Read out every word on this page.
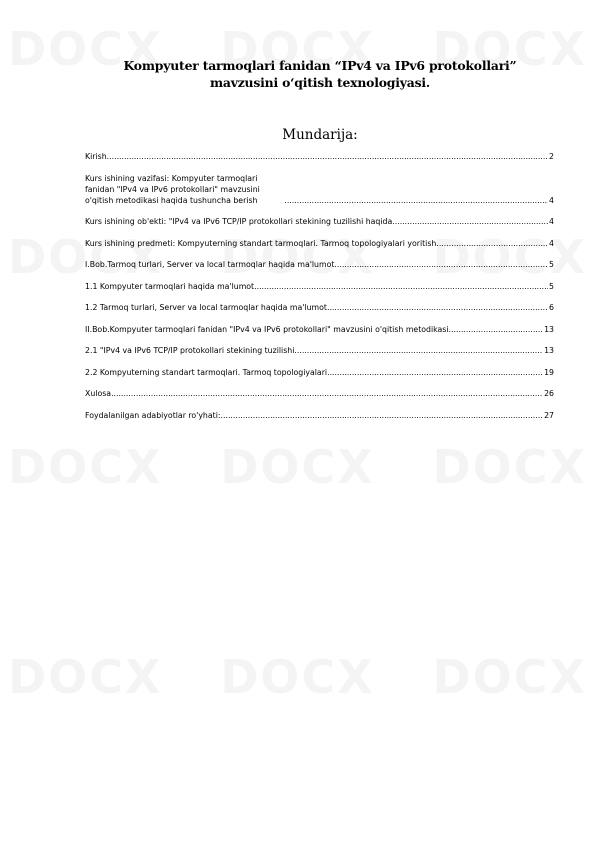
Kompyuter tarmoqlari fanidan “IPv4 va IPv6 protokollari” mavzusini o‘qitish texnologiyasi.
Mundarija:
Kirish .....	2
Kurs ishining vazifasi: Kompyuter tarmoqlari fanidan "IPv4 va IPv6 protokollari" mavzusini o'qitish metodikasi haqida tushuncha berish .....	4
Kurs ishining ob'ekti: "IPv4 va IPv6 TCP/IP protokollari stekining tuzilishi haqida .....	4
Kurs ishining predmeti: Kompyuterning standart tarmoqlari. Tarmoq topologiyalari yoritish .....	4
I.Bob.Tarmoq turlari, Server va local tarmoqlar haqida ma'lumot .....	5
1.1 Kompyuter tarmoqlari haqida ma'lumot .....	5
1.2 Tarmoq turlari, Server va local tarmoqlar haqida ma'lumot .....	6
II.Bob.Kompyuter tarmoqlari fanidan "IPv4 va IPv6 protokollari" mavzusini o'qitish metodikasi .....	13
2.1 "IPv4 va IPv6 TCP/IP protokollari stekining tuzilishi .....	13
2.2 Kompyuterning standart tarmoqlari. Tarmoq topologiyalari .....	19
Xulosa .....	26
Foydalanilgan adabiyotlar ro'yhati: .....	27
